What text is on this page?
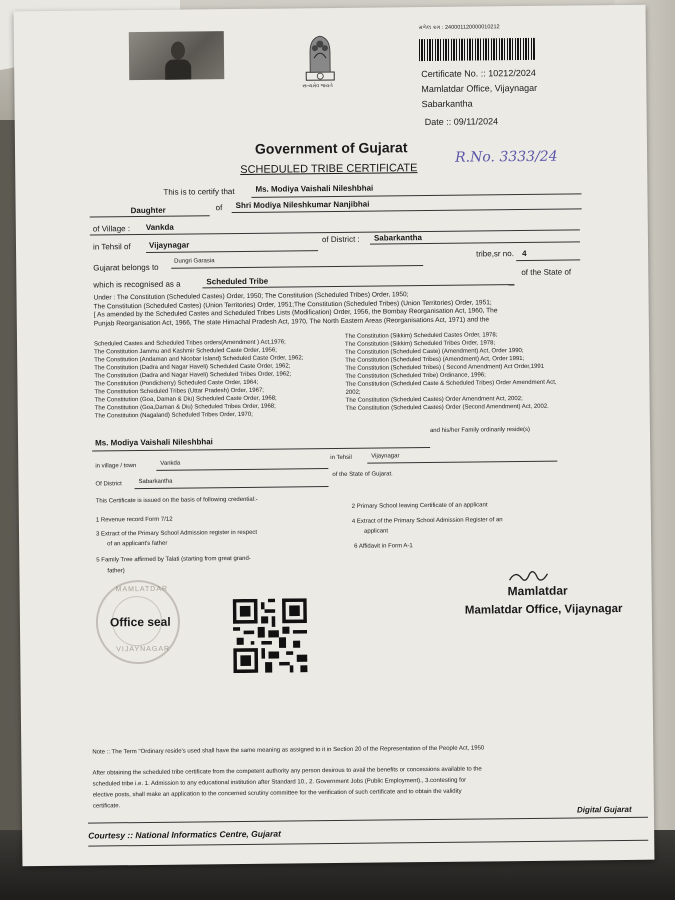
સત્યમેવ જયતે
મળેલ ક્રમ : 240001120000010212
Certificate No. :: 10212/2024
Mamlatdar Office, Vijaynagar
Sabarkantha
Date :: 09/11/2024
Government of Gujarat
SCHEDULED TRIBE CERTIFICATE
R.No. 3333/24
This is to certify that	Ms. Modiya Vaishali Nileshbhai
Daughter	of Shri Modiya Nileshkumar Nanjibhai
of Village : Vankda
in Tehsil of Vijaynagar
of District : Sabarkantha
Gujarat belongs to
Dungri Garasia
tribe,sr no. 4
which is recognised as a	Scheduled Tribe
of the State of
Under : The Constitution (Scheduled Castes) Order, 1950; The Constitution (Scheduled Tribes) Order, 1950;
The Constitution (Scheduled Castes) (Union Territories) Order, 1951;The Constitution (Scheduled Tribes) (Union Territories) Order, 1951;
[ As amended by the Scheduled Castes and Scheduled Tribes Lists (Modification) Order, 1956, the Bombay Reorganisation Act, 1960, The
Punjab Reorganisation Act, 1966, The state Himachal Pradesh Act, 1970, The North Eastern Areas (Reorganisations Act, 1971) and the
Scheduled Castes and Scheduled Tribes orders(Amendment ) Act,1976;
The Constitution Jammu and Kashmir Scheduled Caste Order, 1956;
The Constitution (Andaman and Nicobar Island) Scheduled Caste Order, 1962;
The Constitution (Dadra and Nagar Haveli) Scheduled Caste Order, 1962;
The Constitution (Dadra and Nagar Haveli) Scheduled Tribes Order, 1962;
The Constitution (Pondicherry) Scheduled Caste Order, 1964;
The Constitution Scheduled Tribes (Uttar Pradesh) Order, 1967;
The Constitution (Goa, Daman & Diu) Scheduled Caste Order, 1968;
The Constitution (Goa,Daman & Diu) Scheduled Tribes Order, 1968;
The Constitution (Nagaland) Scheduled Tribes Order, 1970;
The Constitution (Sikkim) Scheduled Castes Order, 1978;
The Constitution (Sikkim) Scheduled Tribes Order, 1978;
The Constitution (Scheduled Caste) (Amendment) Act, Order 1990;
The Constitution (Scheduled Tribes) (Amendment) Act, Order 1991;
The Constitution (Scheduled Tribes) ( Second Amendment) Act Order,1991
The Constitution (Scheduled Tribe) Ordinance, 1996;
The Constitution (Scheduled Caste & Scheduled Tribes) Order Amendment Act,
2002;
The Constitution (Scheduled Castes) Order Amendment Act, 2002;
The Constitution (Scheduled Castes) Order (Second Amendment) Act, 2002.
Ms. Modiya Vaishali Nileshbhai
and his/her Family ordinarily reside(s)
in village / town	Vankda
in Tehsil	Vijaynagar
Of District	Sabarkantha
of the State of Gujarat.
This Certificate is issued on the basis of following credential:-
1 Revenue record Form 7/12
2 Primary School leaving Certificate of an applicant
3 Extract of the Primary School Admission register in respect
of an applicant's father
4 Extract of the Primary School Admission Register of an
applicant
5 Family Tree affirmed by Talati (starting from great grand-
father)
6 Affidavit in Form A-1
MAMLATDAR
VIJAYNAGAR
Office seal
Mamlatdar
Mamlatdar Office, Vijaynagar
Note :: The Term "Ordinary reside's used shall have the same meaning as assigned to it in Section 20 of the Representation of the People Act, 1950
After obtaining the scheduled tribe certificate from the competent authority any person desirous to avail the benefits or concessions available to the
scheduled tribe i.e. 1. Admission to any educational institution after Standard 10., 2. Government Jobs (Public Employment)., 3.contesting for
elective posts, shall make an application to the concerned scrutiny committee for the verification of such certificate and to obtain the validity
certificate.	Digital Gujarat
Courtesy :: National Informatics Centre, Gujarat
